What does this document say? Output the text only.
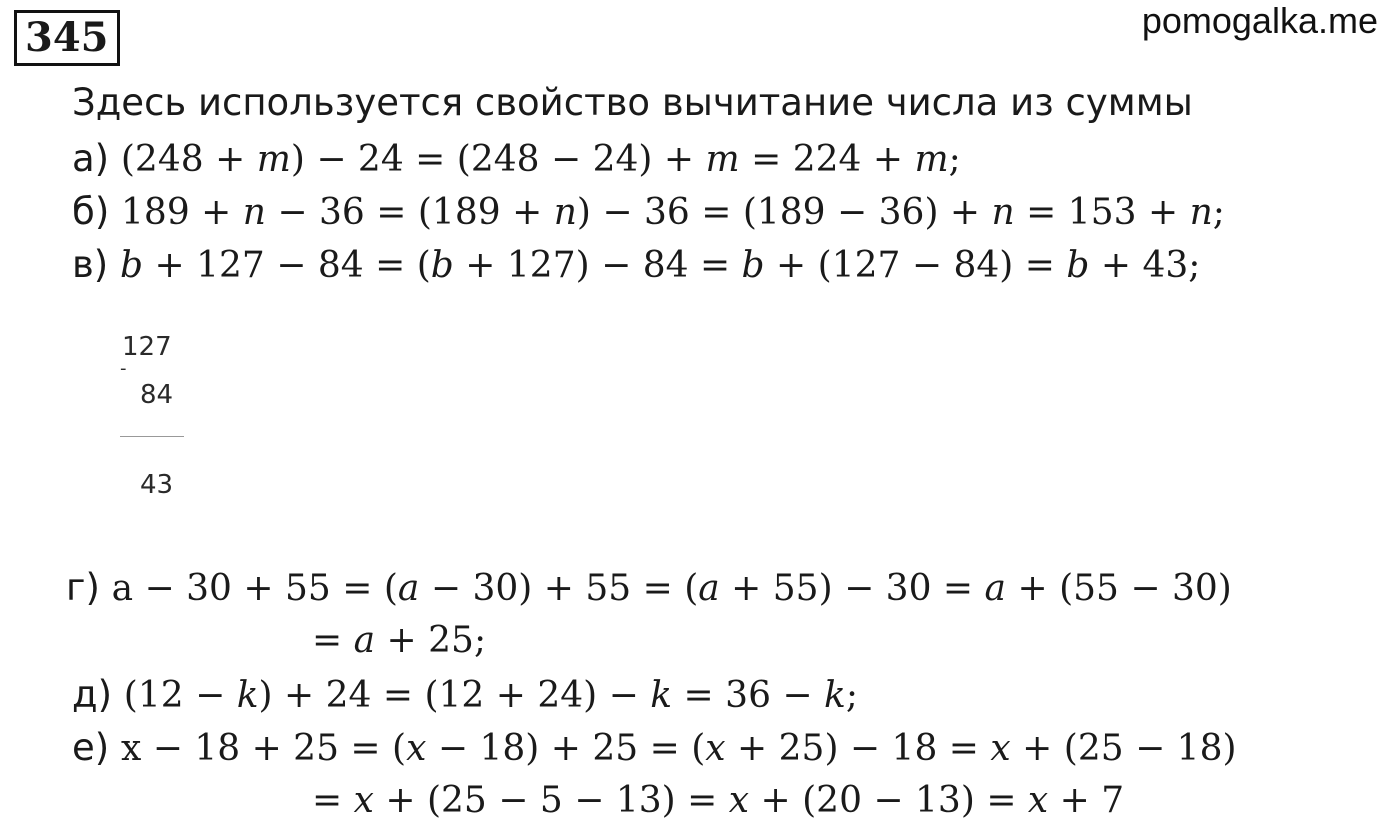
345	pomogalka.me
Здесь используется свойство вычитание числа из суммы
а) (248 + m) − 24 = (248 − 24) + m = 224 + m;
б) 189 + n − 36 = (189 + n) − 36 = (189 − 36) + n = 153 + n;
в) b + 127 − 84 = (b + 127) − 84 = b + (127 − 84) = b + 43;
127
-
84
43
г) а − 30 + 55 = (a − 30) + 55 = (a + 55) − 30 = a + (55 − 30)
= a + 25;
д) (12 − k) + 24 = (12 + 24) − k = 36 − k;
е) х − 18 + 25 = (x − 18) + 25 = (x + 25) − 18 = x + (25 − 18)
= x + (25 − 5 − 13) = x + (20 − 13) = x + 7
